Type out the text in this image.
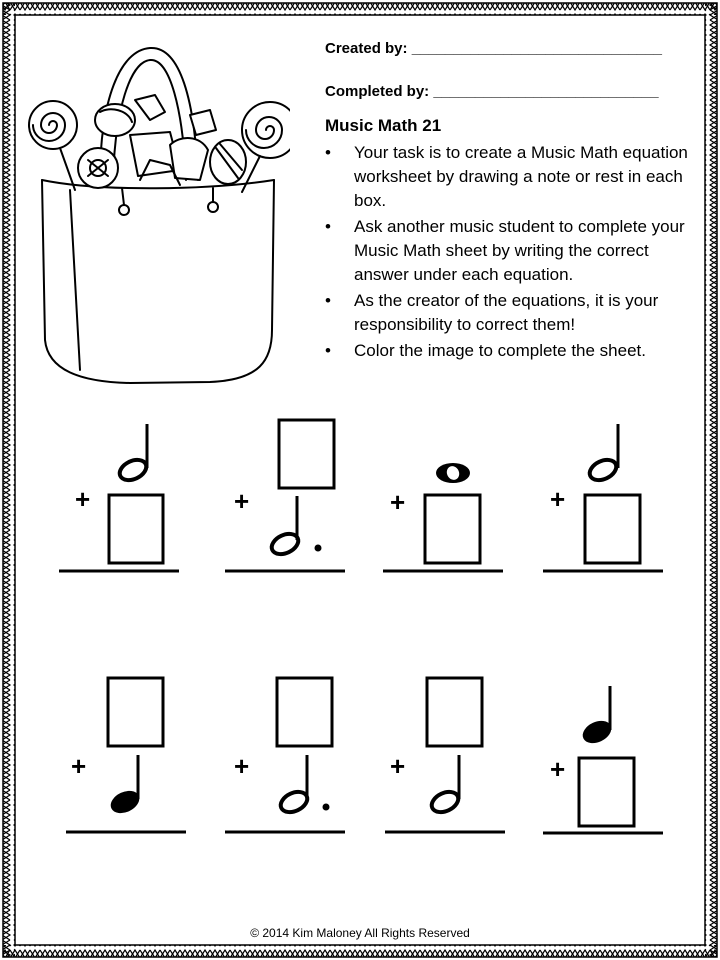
Created by: ______________________________
Completed by: ___________________________
Music Math 21
• Your task is to create a Music Math equation worksheet by drawing a note or rest in each box.
• Ask another music student to complete your Music Math sheet by writing the correct answer under each equation.
• As the creator of the equations, it is your responsibility to correct them!
• Color the image to complete the sheet.
+	+	+	+
+	+	+	+
© 2014 Kim Maloney All Rights Reserved
